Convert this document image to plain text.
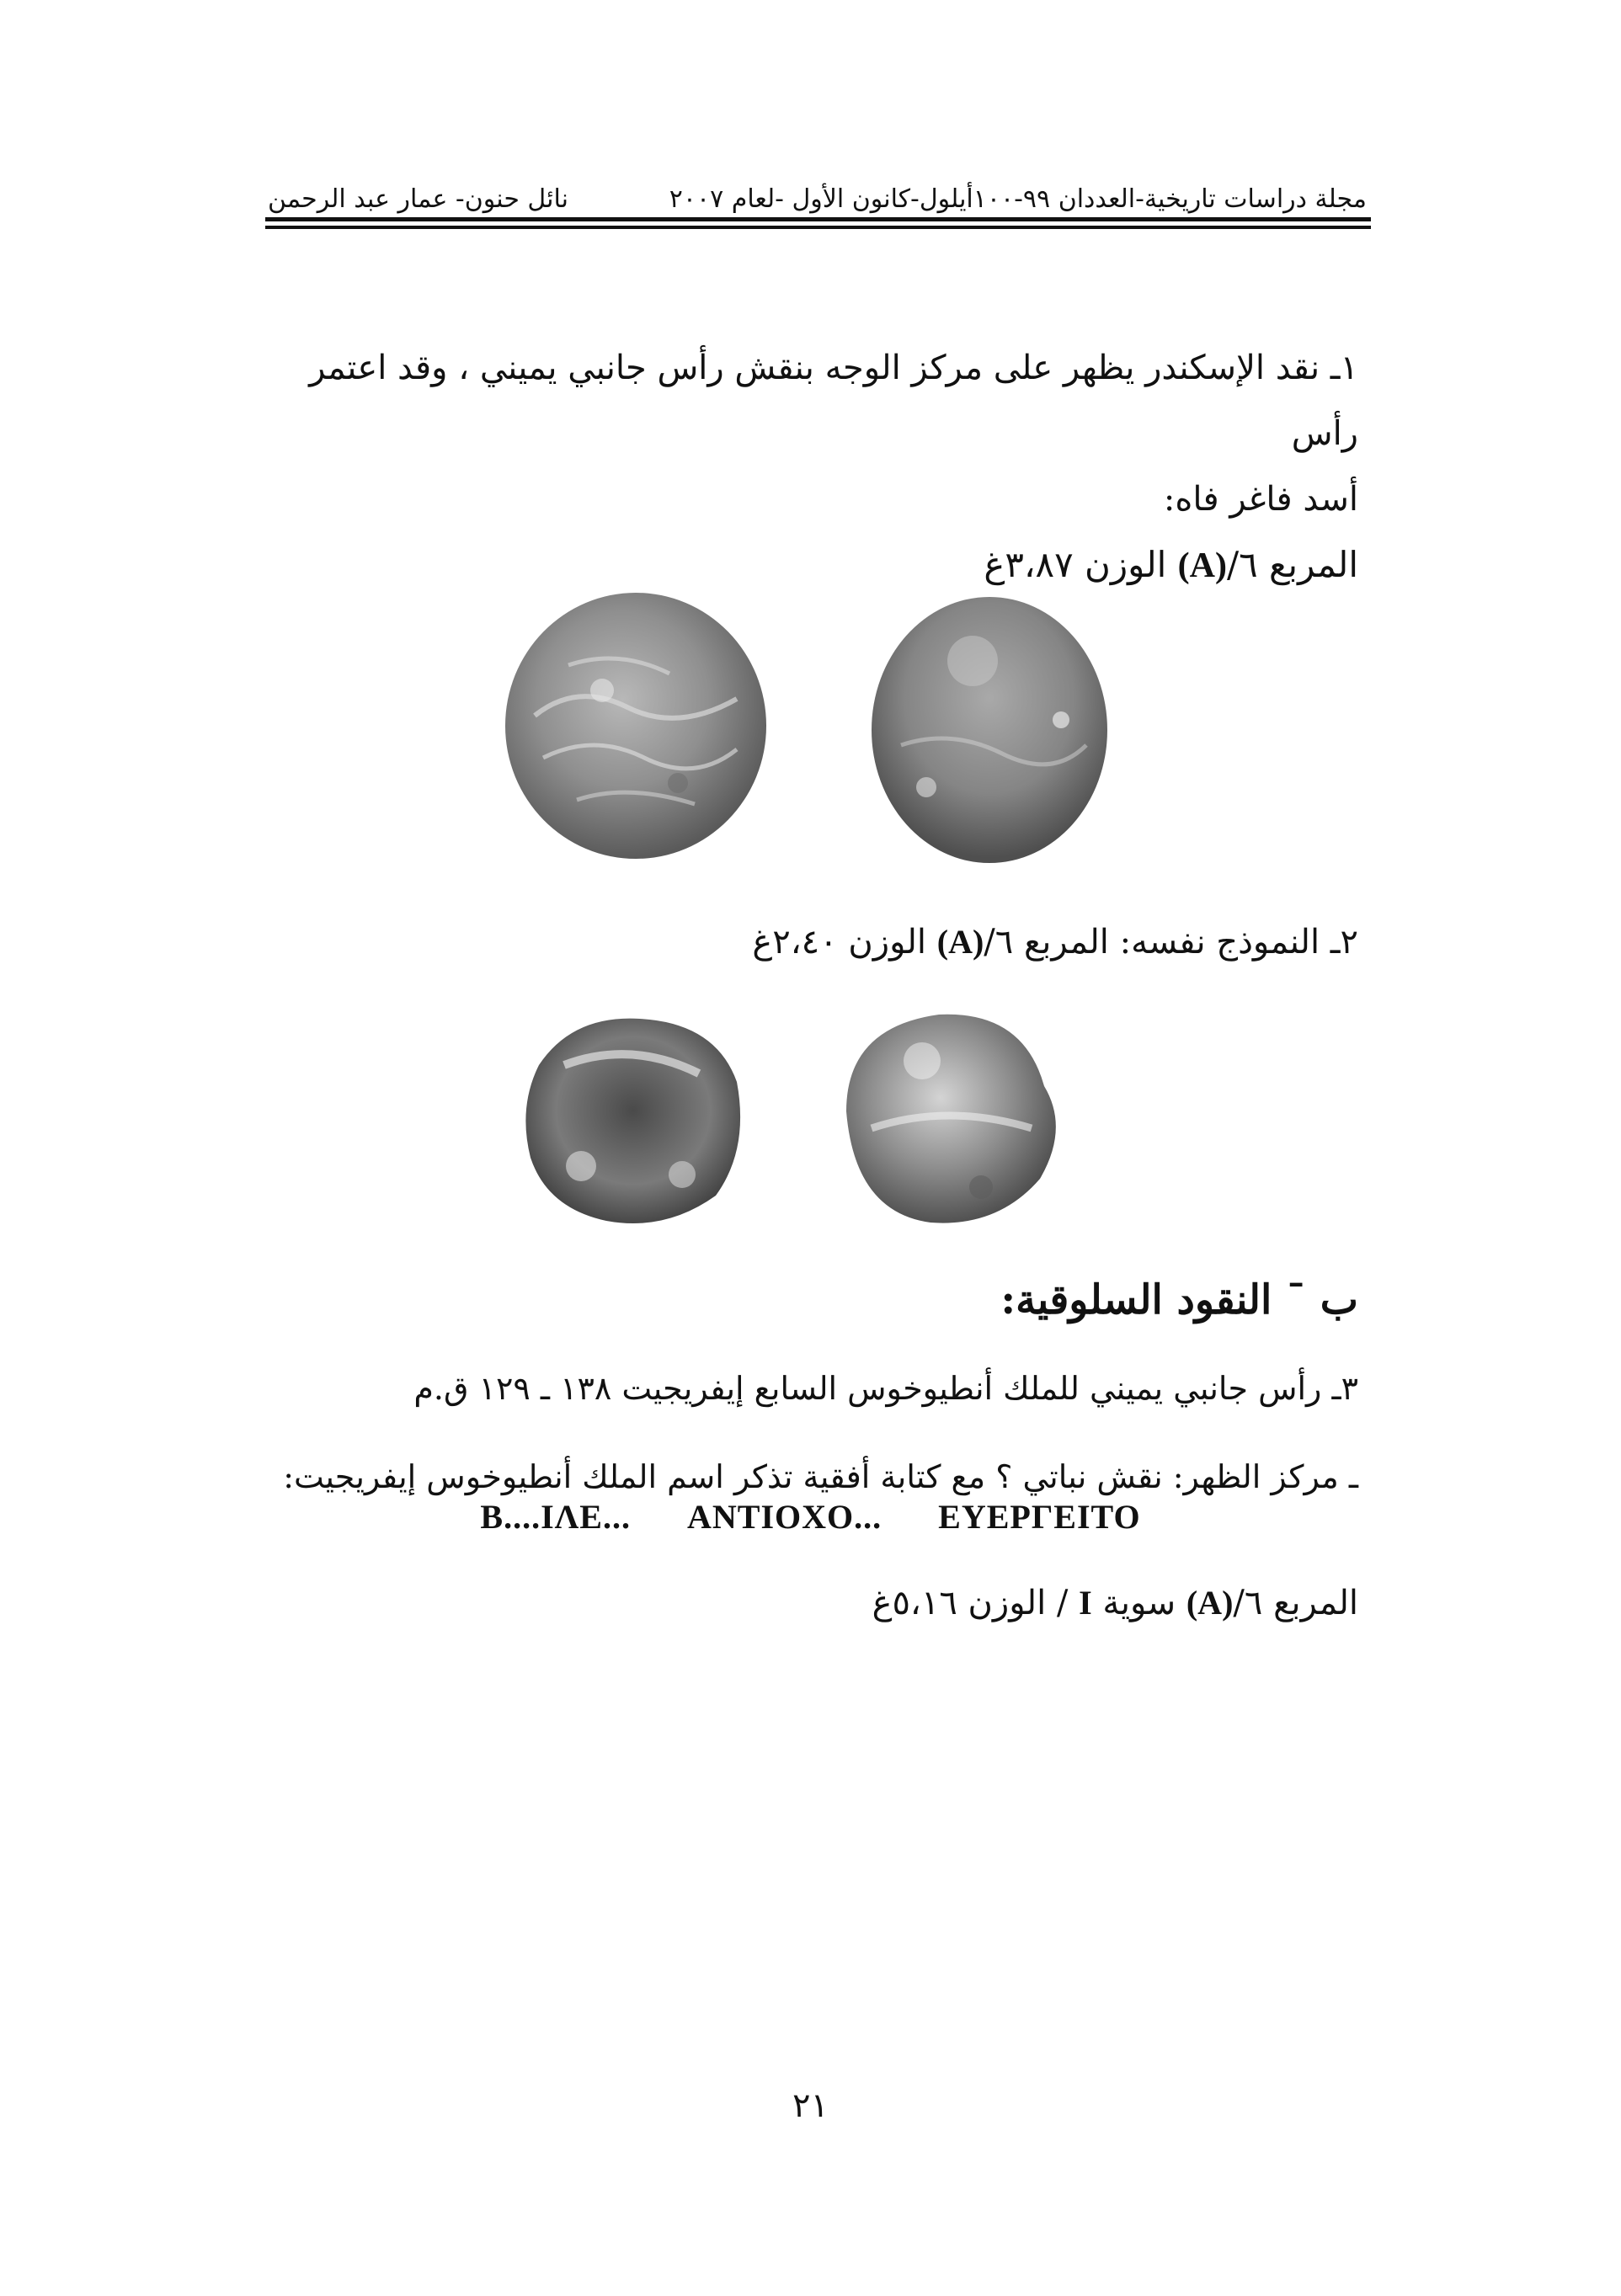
مجلة دراسات تاريخية-العددان ٩٩-١٠٠أيلول-كانون الأول -لعام ٢٠٠٧
نائل حنون- عمار عبد الرحمن
١ـ نقد الإسكندر يظهر على مركز الوجه بنقش رأس جانبي يميني ، وقد اعتمر رأس
أسد فاغر فاه:
المربع ٦/(A) الوزن ٣،٨٧غ
٢ـ النموذج نفسه: المربع ٦/(A) الوزن ٢،٤٠غ
ب ¯ النقود السلوقية:
٣ـ رأس جانبي يميني للملك أنطيوخوس السابع إيفريجيت ١٣٨ ـ ١٢٩ ق.م
ـ مركز الظهر: نقش نباتي ؟ مع كتابة أفقية تذكر اسم الملك أنطيوخوس إيفريجيت:
B....IΛE... ANTIOXO... EYEPΓEITO
المربع ٦/(A) سوية I / الوزن ٥،١٦غ
٢١
